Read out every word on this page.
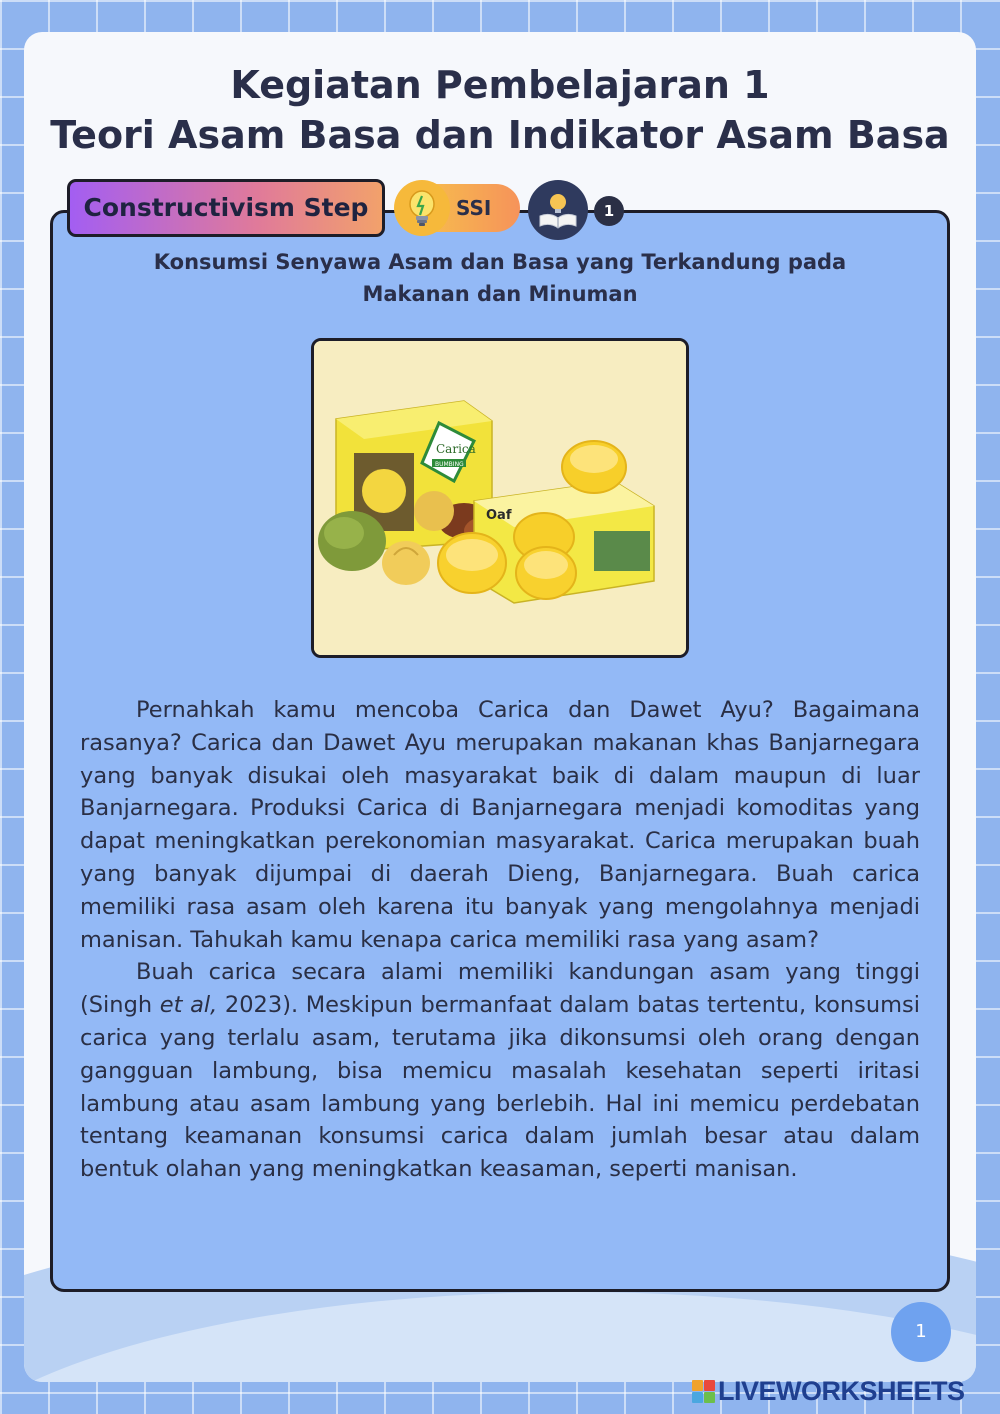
Kegiatan Pembelajaran 1
Teori Asam Basa dan Indikator Asam Basa
Constructivism Step	SSI	1
Konsumsi Senyawa Asam dan Basa yang Terkandung pada
Makanan dan Minuman
Carica
BUMBING
Oaf

Pernahkah kamu mencoba Carica dan Dawet Ayu? Bagaimana rasanya? Carica dan Dawet Ayu merupakan makanan khas Banjarnegara yang banyak disukai oleh masyarakat baik di dalam maupun di luar Banjarnegara. Produksi Carica di Banjarnegara menjadi komoditas yang dapat meningkatkan perekonomian masyarakat. Carica merupakan buah yang banyak dijumpai di daerah Dieng, Banjarnegara. Buah carica memiliki rasa asam oleh karena itu banyak yang mengolahnya menjadi manisan. Tahukah kamu kenapa carica memiliki rasa yang asam?

Buah carica secara alami memiliki kandungan asam yang tinggi (Singh et al, 2023). Meskipun bermanfaat dalam batas tertentu, konsumsi carica yang terlalu asam, terutama jika dikonsumsi oleh orang dengan gangguan lambung, bisa memicu masalah kesehatan seperti iritasi lambung atau asam lambung yang berlebih. Hal ini memicu perdebatan tentang keamanan konsumsi carica dalam jumlah besar atau dalam bentuk olahan yang meningkatkan keasaman, seperti manisan.

1
LIVEWORKSHEETS
